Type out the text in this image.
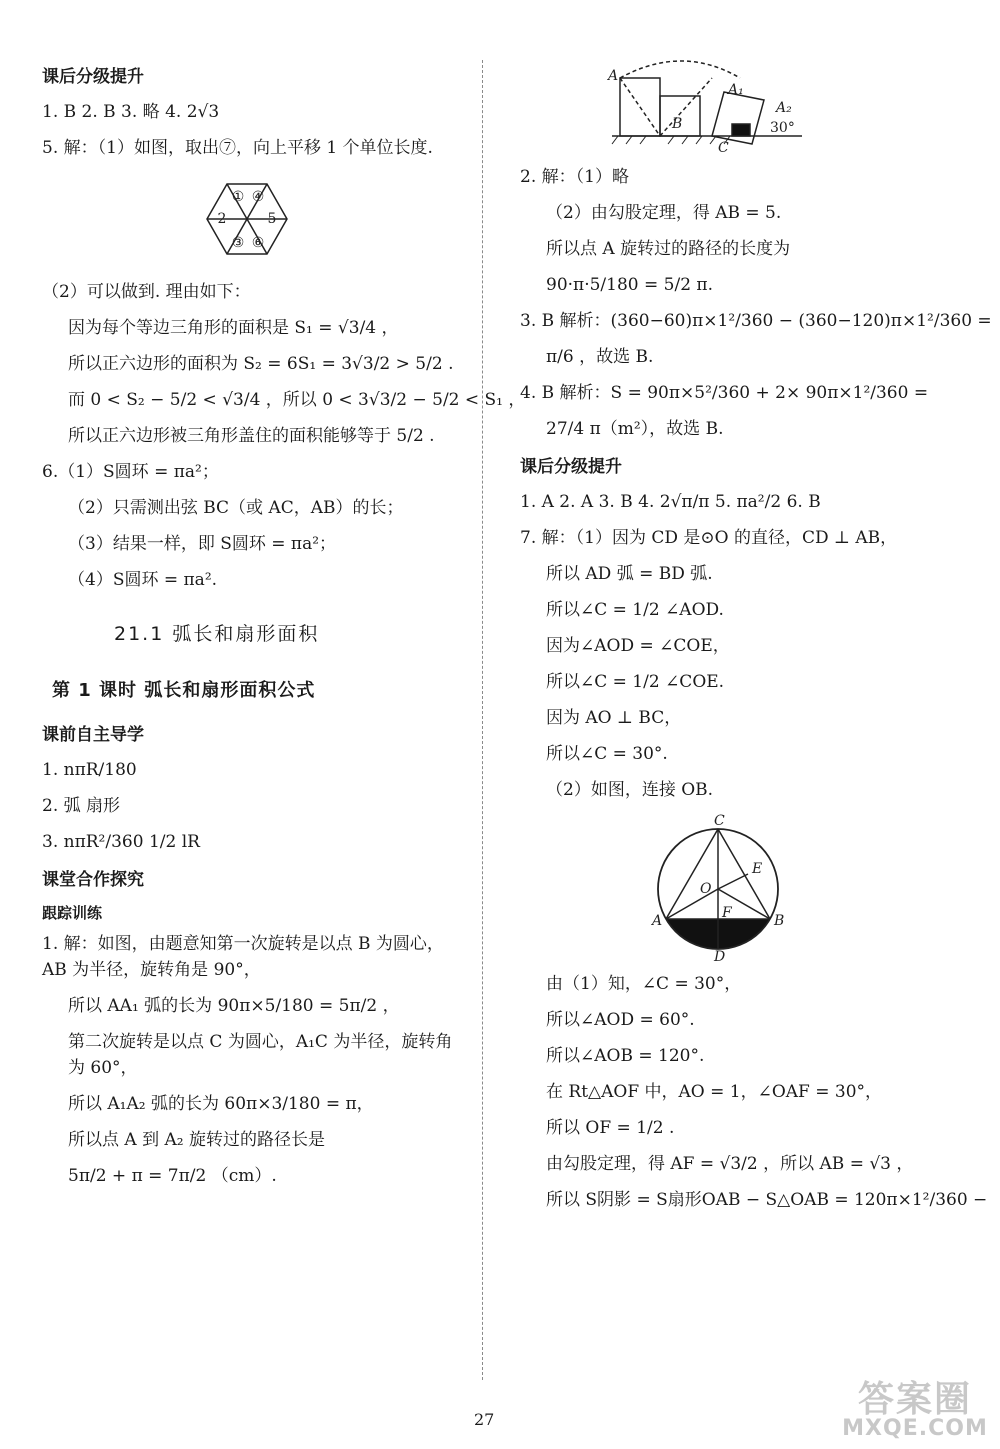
课后分级提升
1. B 2. B 3. 略 4. 2√3
5. 解：（1）如图，取出⑦，向上平移 1 个单位长度.
① ④
2	5
③ ⑥
（2）可以做到. 理由如下：
因为每个等边三角形的面积是 S₁ = √3/4 ，
所以正六边形的面积为 S₂ = 6S₁ = 3√3/2 > 5/2 .
而 0 < S₂ − 5/2 < √3/4 ，所以 0 < 3√3/2 − 5/2 < S₁ ，
所以正六边形被三角形盖住的面积能够等于 5/2 .
6.（1）S圆环 = πa²；
（2）只需测出弦 BC（或 AC，AB）的长；
（3）结果一样，即 S圆环 = πa²；
（4）S圆环 = πa².
21.1 弧长和扇形面积
第 1 课时 弧长和扇形面积公式
课前自主导学
1. nπR/180
2. 弧 扇形
3. nπR²/360 1/2 lR
课堂合作探究
跟踪训练
1. 解：如图，由题意知第一次旋转是以点 B 为圆心，AB 为半径，旋转角是 90°，
所以 AA₁ 弧的长为 90π×5/180 = 5π/2 ，
第二次旋转是以点 C 为圆心，A₁C 为半径，旋转角为 60°，
所以 A₁A₂ 弧的长为 60π×3/180 = π，
所以点 A 到 A₂ 旋转过的路径长是
5π/2 + π = 7π/2 （cm）.
A
A₁
A₂
B
C
30°
2. 解：（1）略
（2）由勾股定理，得 AB = 5.
所以点 A 旋转过的路径的长度为
90·π·5/180 = 5/2 π.
3. B 解析：(360−60)π×1²/360 − (360−120)π×1²/360 =
π/6 ，故选 B.
4. B 解析：S = 90π×5²/360 + 2× 90π×1²/360 =
27/4 π（m²），故选 B.
课后分级提升
1. A 2. A 3. B 4. 2√π/π 5. πa²/2 6. B
7. 解：（1）因为 CD 是⊙O 的直径，CD ⊥ AB，
所以 AD 弧 = BD 弧.
所以∠C = 1/2 ∠AOD.
因为∠AOD = ∠COE，
所以∠C = 1/2 ∠COE.
因为 AO ⊥ BC，
所以∠C = 30°.
（2）如图，连接 OB.
C
E
O
F
A	B
D
由（1）知，∠C = 30°，
所以∠AOD = 60°.
所以∠AOB = 120°.
在 Rt△AOF 中，AO = 1，∠OAF = 30°，
所以 OF = 1/2 .
由勾股定理，得 AF = √3/2 ，所以 AB = √3 ，
所以 S阴影 = S扇形OAB − S△OAB = 120π×1²/360 −
27	答案圈
MXQE.COM
